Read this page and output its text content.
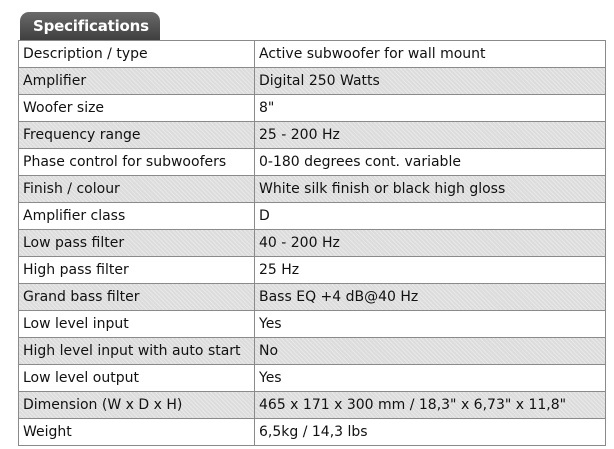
Specifications
Description / type	Active subwoofer for wall mount
Amplifier	Digital 250 Watts
Woofer size	8"
Frequency range	25 - 200 Hz
Phase control for subwoofers	0-180 degrees cont. variable
Finish / colour	White silk finish or black high gloss
Amplifier class	D
Low pass filter	40 - 200 Hz
High pass filter	25 Hz
Grand bass filter	Bass EQ +4 dB@40 Hz
Low level input	Yes
High level input with auto start	No
Low level output	Yes
Dimension (W x D x H)	465 x 171 x 300 mm / 18,3" x 6,73" x 11,8"
Weight	6,5kg / 14,3 lbs
